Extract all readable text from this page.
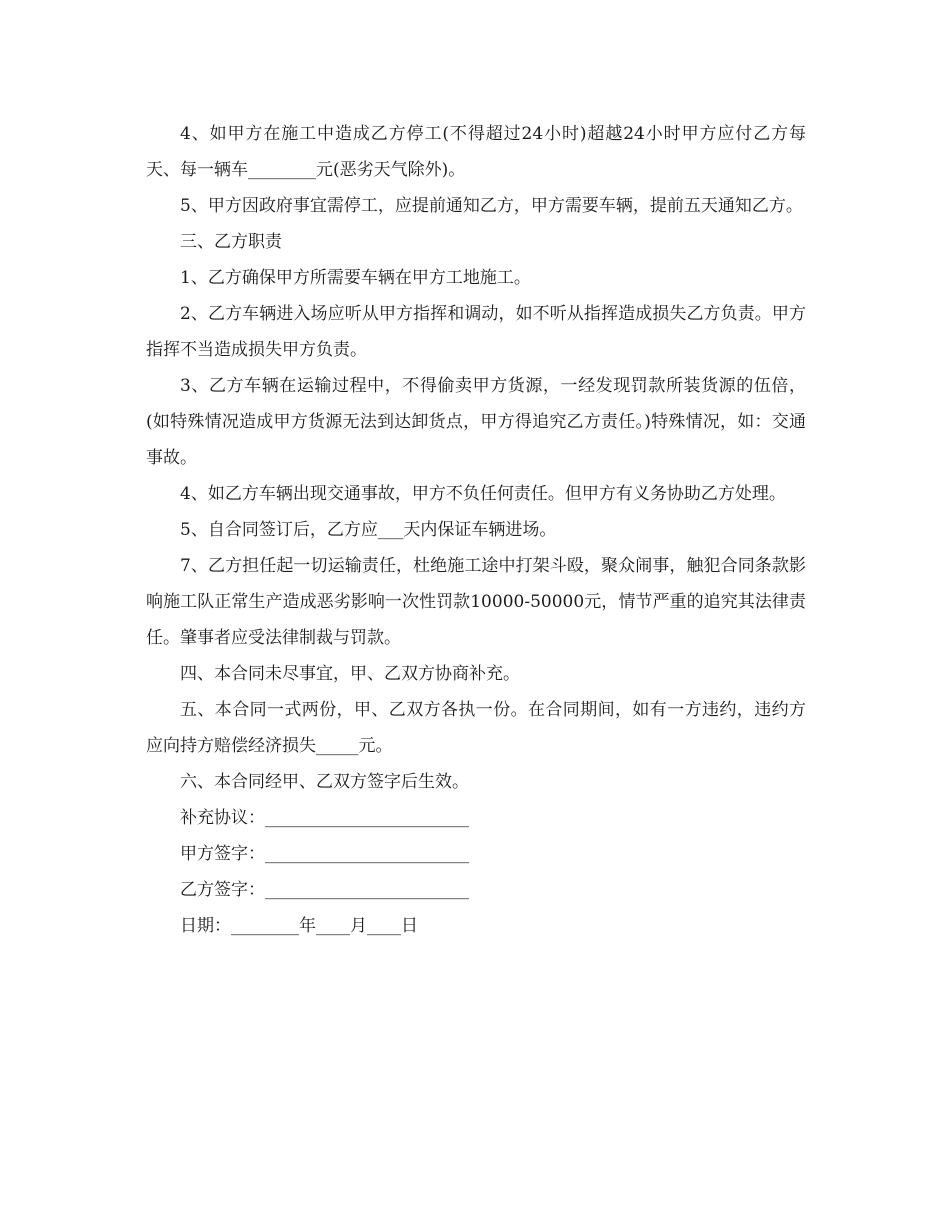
4、如甲方在施工中造成乙方停工(不得超过24小时)超越24小时甲方应付乙方每天、每一辆车________元(恶劣天气除外)。

5、甲方因政府事宜需停工，应提前通知乙方，甲方需要车辆，提前五天通知乙方。

三、乙方职责

1、乙方确保甲方所需要车辆在甲方工地施工。

2、乙方车辆进入场应听从甲方指挥和调动，如不听从指挥造成损失乙方负责。甲方指挥不当造成损失甲方负责。

3、乙方车辆在运输过程中，不得偷卖甲方货源，一经发现罚款所装货源的伍倍，(如特殊情况造成甲方货源无法到达卸货点，甲方得追究乙方责任。)特殊情况，如：交通事故。

4、如乙方车辆出现交通事故，甲方不负任何责任。但甲方有义务协助乙方处理。

5、自合同签订后，乙方应___天内保证车辆进场。

7、乙方担任起一切运输责任，杜绝施工途中打架斗殴，聚众闹事，触犯合同条款影响施工队正常生产造成恶劣影响一次性罚款10000-50000元，情节严重的追究其法律责任。肇事者应受法律制裁与罚款。

四、本合同未尽事宜，甲、乙双方协商补充。

五、本合同一式两份，甲、乙双方各执一份。在合同期间，如有一方违约，违约方应向持方赔偿经济损失_____元。

六、本合同经甲、乙双方签字后生效。

补充协议：________________________

甲方签字：________________________

乙方签字：________________________

日期：________年____月____日
